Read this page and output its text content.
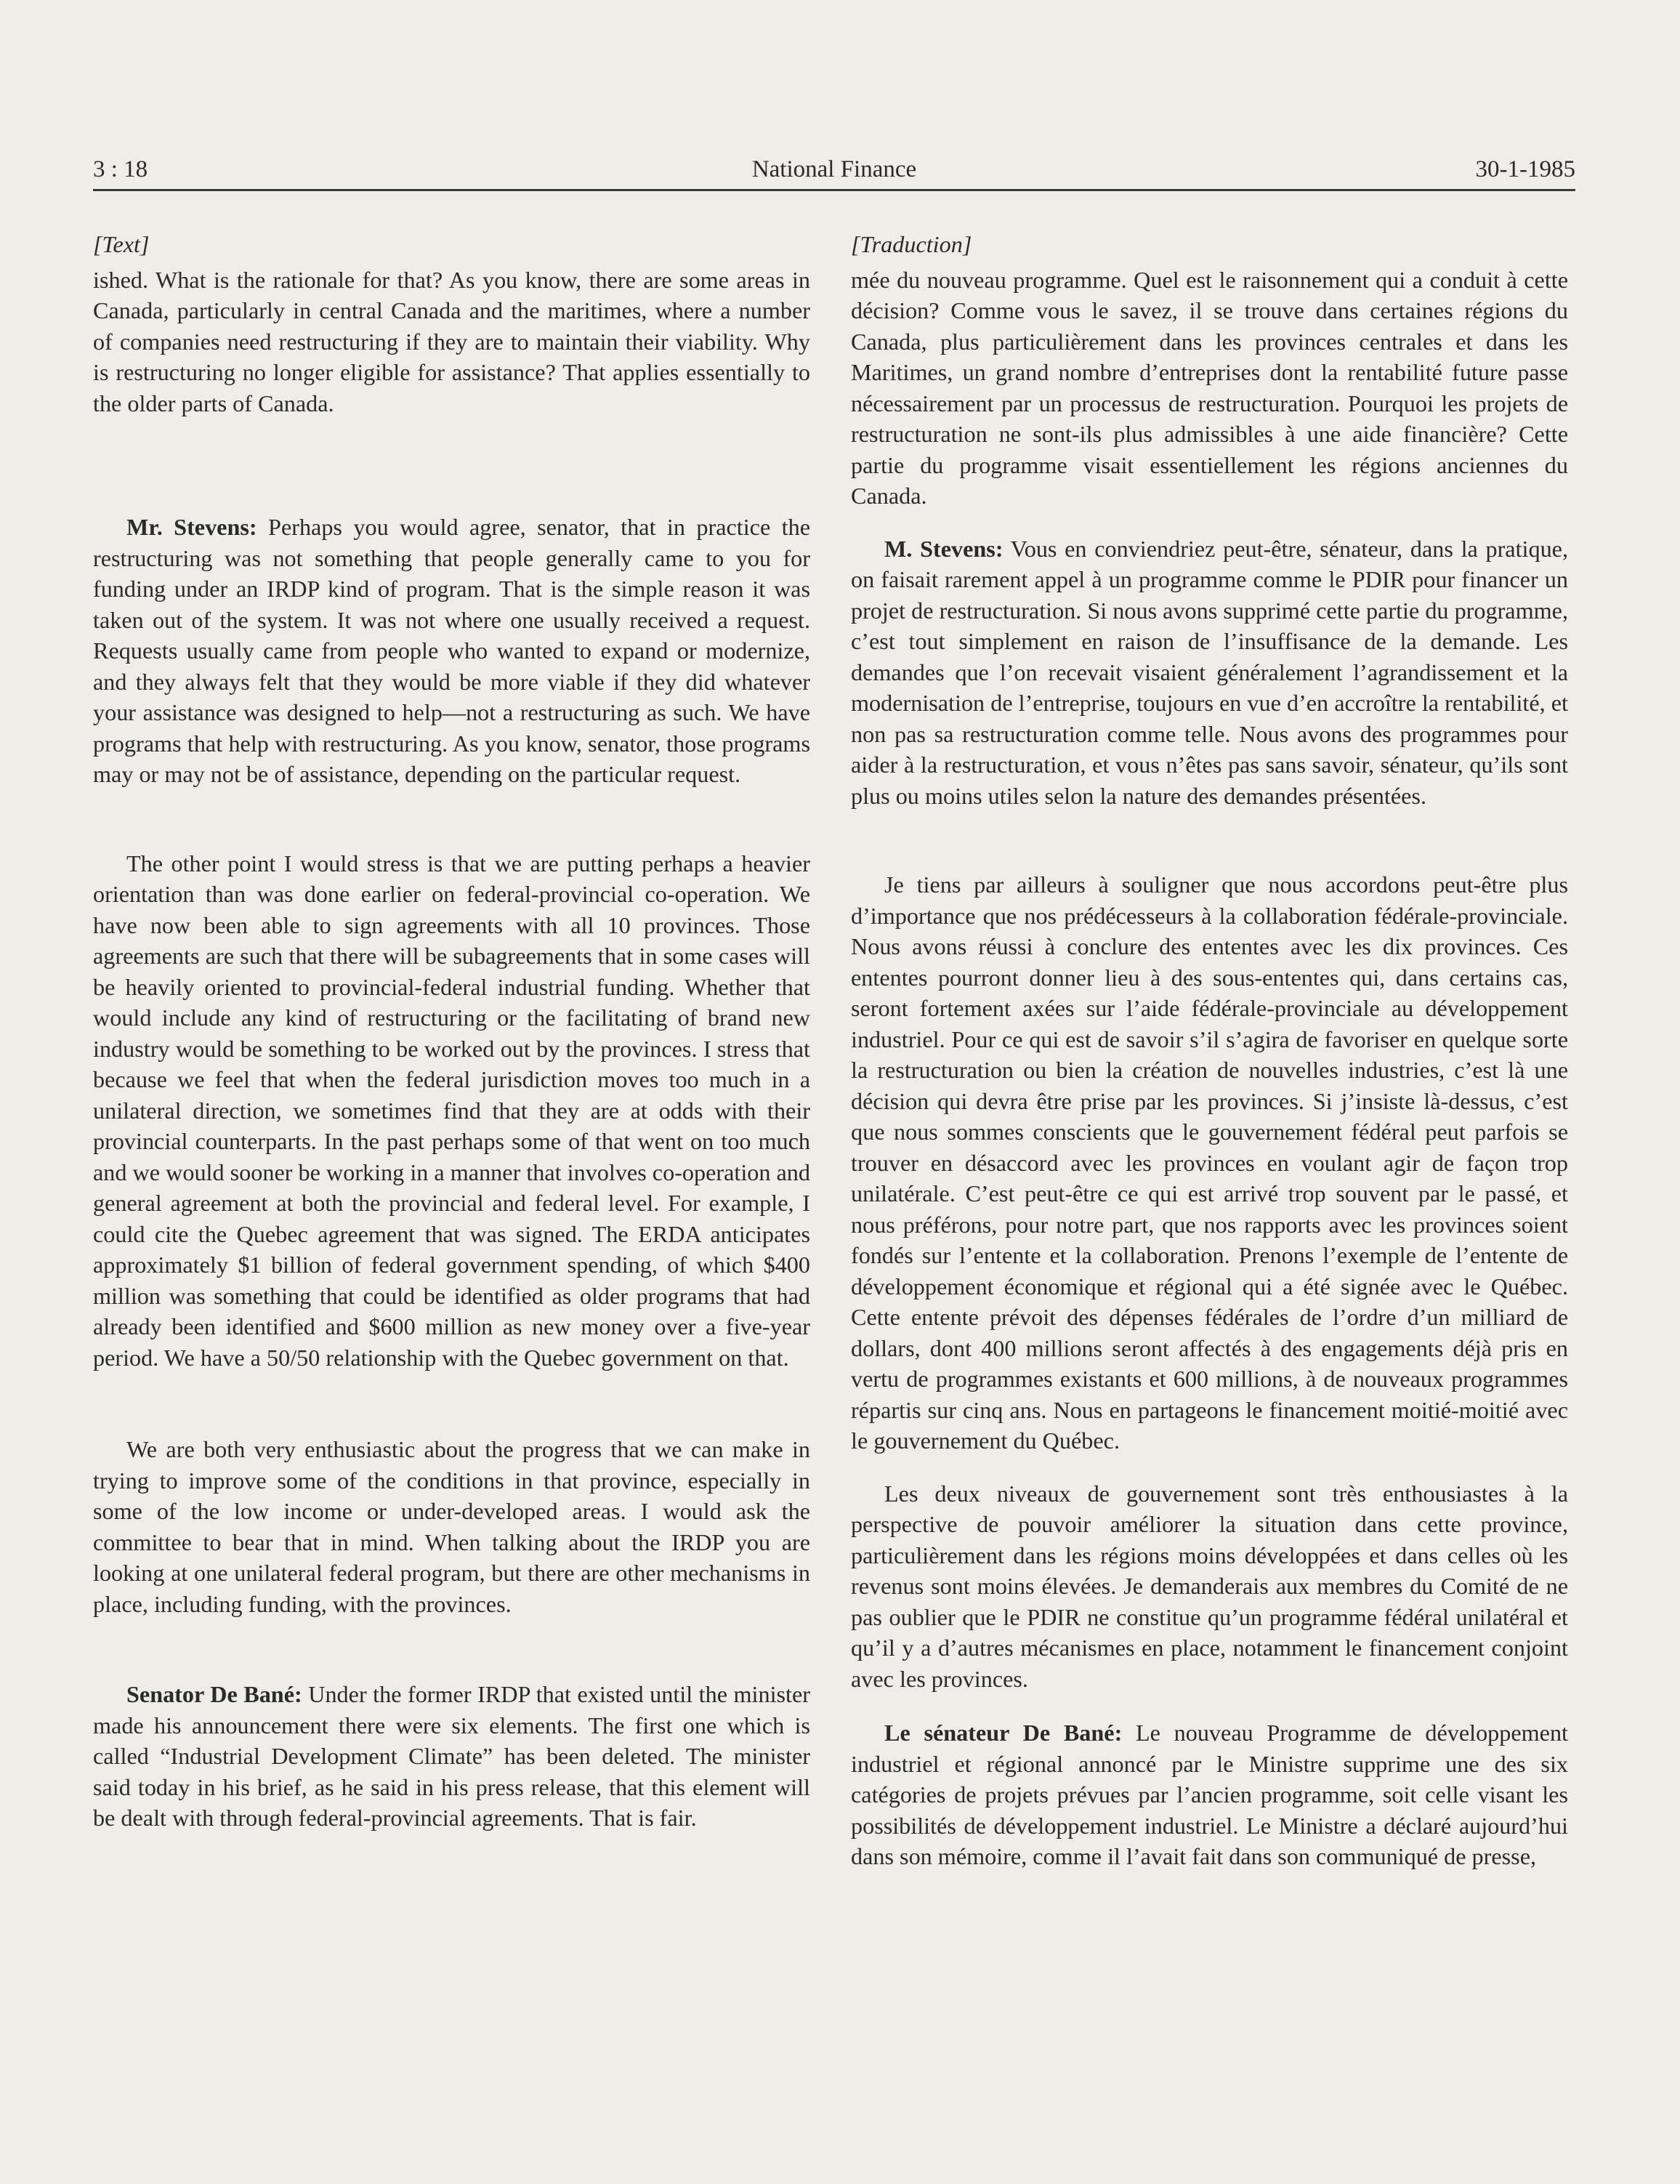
3 : 18	National Finance	30-1-1985
[Text]

ished. What is the rationale for that? As you know, there are some areas in Canada, particularly in central Canada and the maritimes, where a number of companies need restructuring if they are to maintain their viability. Why is restructuring no longer eligible for assistance? That applies essentially to the older parts of Canada.

Mr. Stevens: Perhaps you would agree, senator, that in practice the restructuring was not something that people generally came to you for funding under an IRDP kind of program. That is the simple reason it was taken out of the system. It was not where one usually received a request. Requests usually came from people who wanted to expand or modernize, and they always felt that they would be more viable if they did whatever your assistance was designed to help—not a restructuring as such. We have programs that help with restructuring. As you know, senator, those programs may or may not be of assistance, depending on the particular request.

The other point I would stress is that we are putting perhaps a heavier orientation than was done earlier on federal-provincial co-operation. We have now been able to sign agreements with all 10 provinces. Those agreements are such that there will be subagreements that in some cases will be heavily oriented to provincial-federal industrial funding. Whether that would include any kind of restructuring or the facilitating of brand new industry would be something to be worked out by the provinces. I stress that because we feel that when the federal jurisdiction moves too much in a unilateral direction, we sometimes find that they are at odds with their provincial counterparts. In the past perhaps some of that went on too much and we would sooner be working in a manner that involves co-operation and general agreement at both the provincial and federal level. For example, I could cite the Quebec agreement that was signed. The ERDA anticipates approximately $1 billion of federal government spending, of which $400 million was something that could be identified as older programs that had already been identified and $600 million as new money over a five-year period. We have a 50/50 relationship with the Quebec government on that.

We are both very enthusiastic about the progress that we can make in trying to improve some of the conditions in that province, especially in some of the low income or under-developed areas. I would ask the committee to bear that in mind. When talking about the IRDP you are looking at one unilateral federal program, but there are other mechanisms in place, including funding, with the provinces.

Senator De Bané: Under the former IRDP that existed until the minister made his announcement there were six elements. The first one which is called “Industrial Development Climate” has been deleted. The minister said today in his brief, as he said in his press release, that this element will be dealt with through federal-provincial agreements. That is fair.

[Traduction]

mée du nouveau programme. Quel est le raisonnement qui a conduit à cette décision? Comme vous le savez, il se trouve dans certaines régions du Canada, plus particulièrement dans les provinces centrales et dans les Maritimes, un grand nombre d’entreprises dont la rentabilité future passe nécessairement par un processus de restructuration. Pourquoi les projets de restructuration ne sont-ils plus admissibles à une aide financière? Cette partie du programme visait essentiellement les régions anciennes du Canada.

M. Stevens: Vous en conviendriez peut-être, sénateur, dans la pratique, on faisait rarement appel à un programme comme le PDIR pour financer un projet de restructuration. Si nous avons supprimé cette partie du programme, c’est tout simplement en raison de l’insuffisance de la demande. Les demandes que l’on recevait visaient généralement l’agrandissement et la modernisation de l’entreprise, toujours en vue d’en accroître la rentabilité, et non pas sa restructuration comme telle. Nous avons des programmes pour aider à la restructuration, et vous n’êtes pas sans savoir, sénateur, qu’ils sont plus ou moins utiles selon la nature des demandes présentées.

Je tiens par ailleurs à souligner que nous accordons peut-être plus d’importance que nos prédécesseurs à la collaboration fédérale-provinciale. Nous avons réussi à conclure des ententes avec les dix provinces. Ces ententes pourront donner lieu à des sous-ententes qui, dans certains cas, seront fortement axées sur l’aide fédérale-provinciale au développement industriel. Pour ce qui est de savoir s’il s’agira de favoriser en quelque sorte la restructuration ou bien la création de nouvelles industries, c’est là une décision qui devra être prise par les provinces. Si j’insiste là-dessus, c’est que nous sommes conscients que le gouvernement fédéral peut parfois se trouver en désaccord avec les provinces en voulant agir de façon trop unilatérale. C’est peut-être ce qui est arrivé trop souvent par le passé, et nous préférons, pour notre part, que nos rapports avec les provinces soient fondés sur l’entente et la collaboration. Prenons l’exemple de l’entente de développement économique et régional qui a été signée avec le Québec. Cette entente prévoit des dépenses fédérales de l’ordre d’un milliard de dollars, dont 400 millions seront affectés à des engagements déjà pris en vertu de programmes existants et 600 millions, à de nouveaux programmes répartis sur cinq ans. Nous en partageons le financement moitié-moitié avec le gouvernement du Québec.

Les deux niveaux de gouvernement sont très enthousiastes à la perspective de pouvoir améliorer la situation dans cette province, particulièrement dans les régions moins développées et dans celles où les revenus sont moins élevées. Je demanderais aux membres du Comité de ne pas oublier que le PDIR ne constitue qu’un programme fédéral unilatéral et qu’il y a d’autres mécanismes en place, notamment le financement conjoint avec les provinces.

Le sénateur De Bané: Le nouveau Programme de développement industriel et régional annoncé par le Ministre supprime une des six catégories de projets prévues par l’ancien programme, soit celle visant les possibilités de développement industriel. Le Ministre a déclaré aujourd’hui dans son mémoire, comme il l’avait fait dans son communiqué de presse,
